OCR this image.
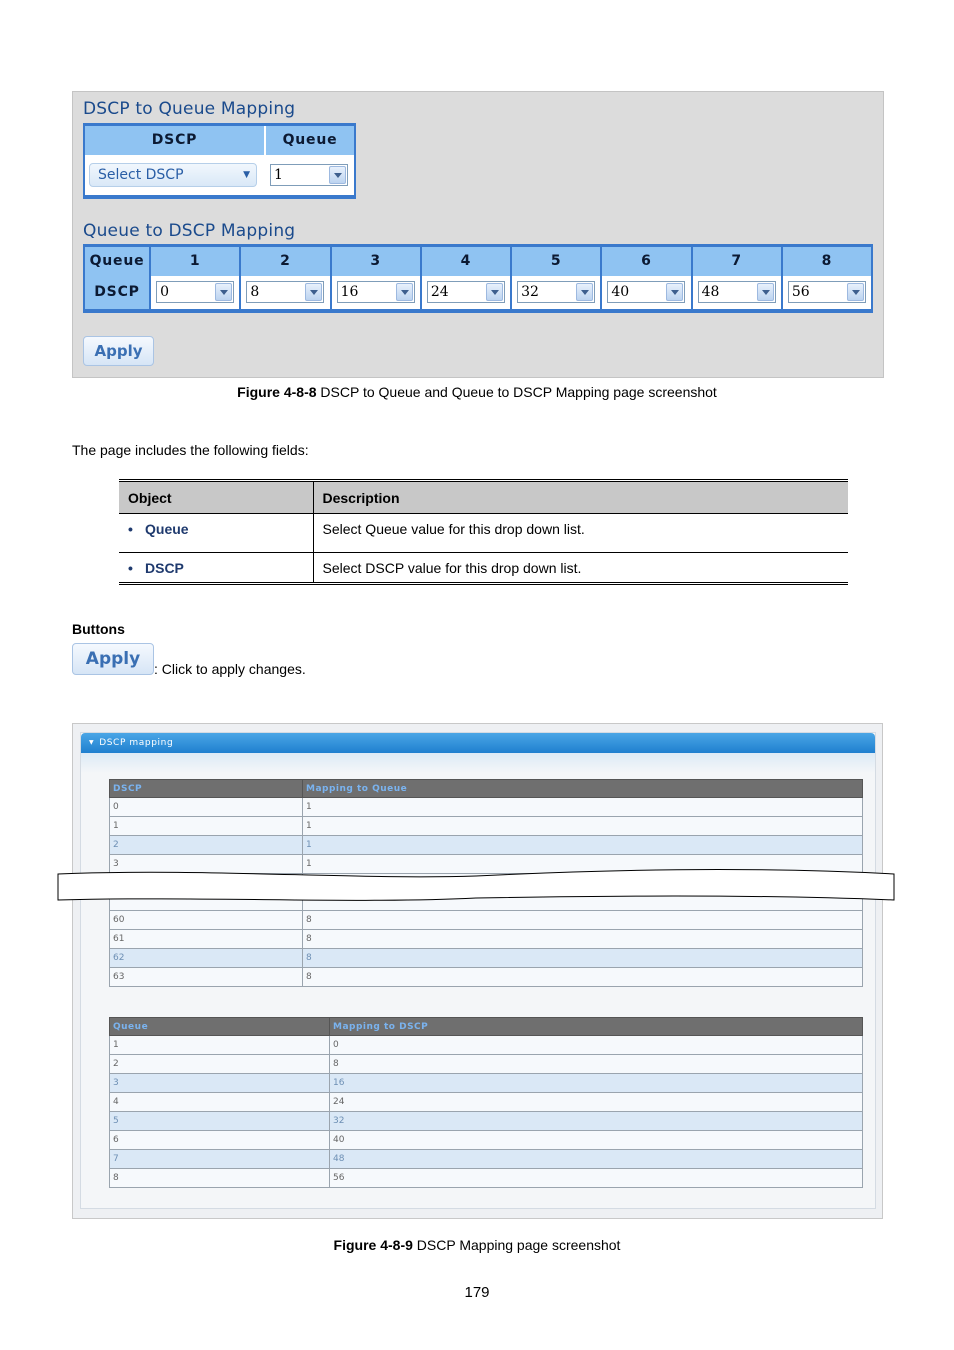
DSCP to Queue Mapping
DSCP	Queue
Select DSCP ▼	1
Queue to DSCP Mapping
Queue	1	2	3	4	5	6	7	8
DSCP	0	8	16	24	32	40	48	56
Apply
Figure 4-8-8 DSCP to Queue and Queue to DSCP Mapping page screenshot
The page includes the following fields:
Object	Description
• Queue	Select Queue value for this drop down list.
• DSCP	Select DSCP value for this drop down list.
Buttons
Apply : Click to apply changes.
▼ DSCP mapping
DSCP	Mapping to Queue
0	1
1	1
2	1
3	1

60	8
61	8
62	8
63	8
Queue	Mapping to DSCP
1	0
2	8
3	16
4	24
5	32
6	40
7	48
8	56
Figure 4-8-9 DSCP Mapping page screenshot
179
